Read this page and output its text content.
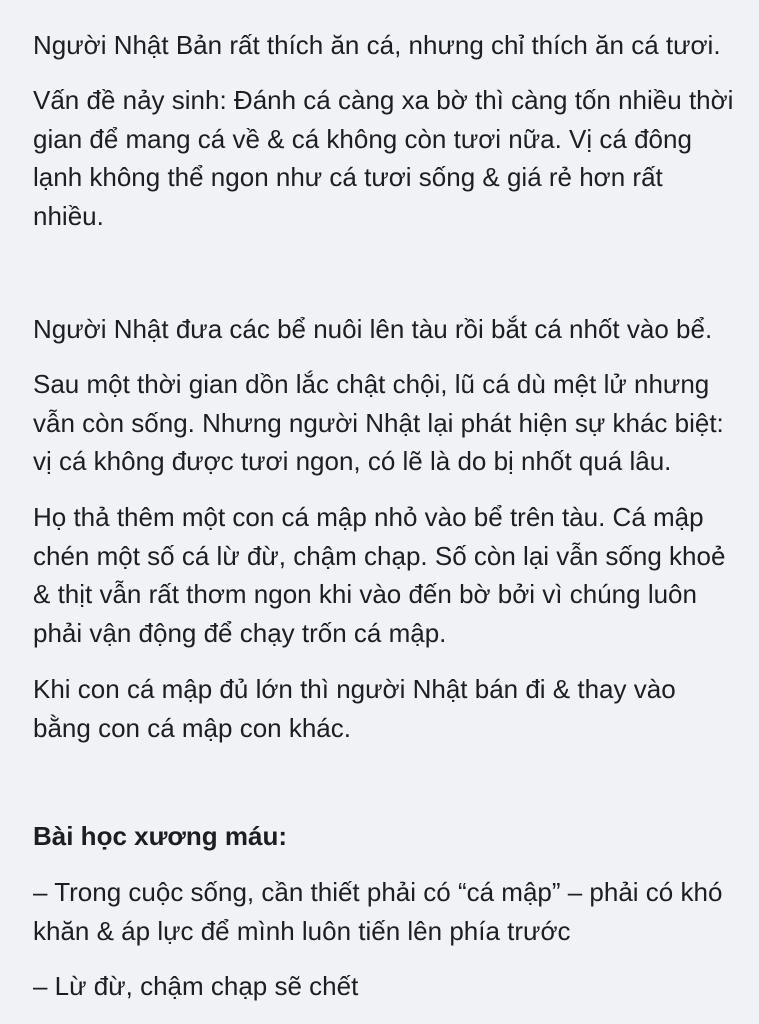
Người Nhật Bản rất thích ăn cá, nhưng chỉ thích ăn cá tươi.

Vấn đề nảy sinh: Đánh cá càng xa bờ thì càng tốn nhiều thời
gian để mang cá về & cá không còn tươi nữa. Vị cá đông
lạnh không thể ngon như cá tươi sống & giá rẻ hơn rất
nhiều.

Người Nhật đưa các bể nuôi lên tàu rồi bắt cá nhốt vào bể.

Sau một thời gian dồn lắc chật chội, lũ cá dù mệt lử nhưng
vẫn còn sống. Nhưng người Nhật lại phát hiện sự khác biệt:
vị cá không được tươi ngon, có lẽ là do bị nhốt quá lâu.

Họ thả thêm một con cá mập nhỏ vào bể trên tàu. Cá mập
chén một số cá lừ đừ, chậm chạp. Số còn lại vẫn sống khoẻ
& thịt vẫn rất thơm ngon khi vào đến bờ bởi vì chúng luôn
phải vận động để chạy trốn cá mập.

Khi con cá mập đủ lớn thì người Nhật bán đi & thay vào
bằng con cá mập con khác.

Bài học xương máu:

– Trong cuộc sống, cần thiết phải có “cá mập” – phải có khó
khăn & áp lực để mình luôn tiến lên phía trước

– Lừ đừ, chậm chạp sẽ chết
